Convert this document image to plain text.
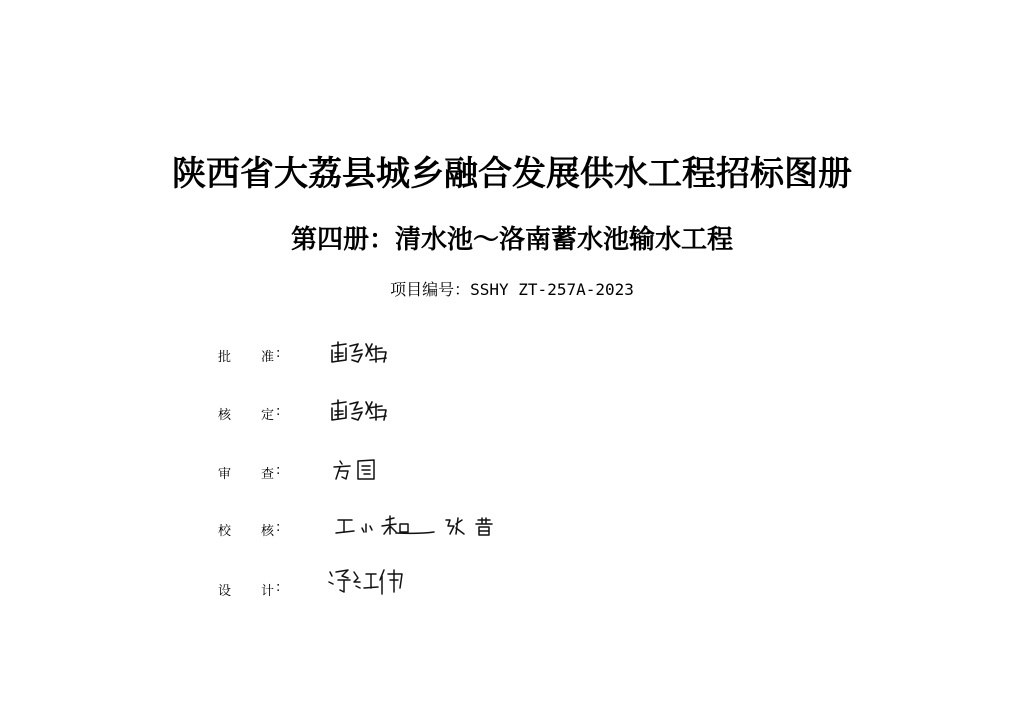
陕西省大荔县城乡融合发展供水工程招标图册
第四册：清水池～洛南蓄水池输水工程
项目编号：SSHY ZT-257A-2023
批 准 :
核 定 :
审 查 :
校 核 :
设 计 :
